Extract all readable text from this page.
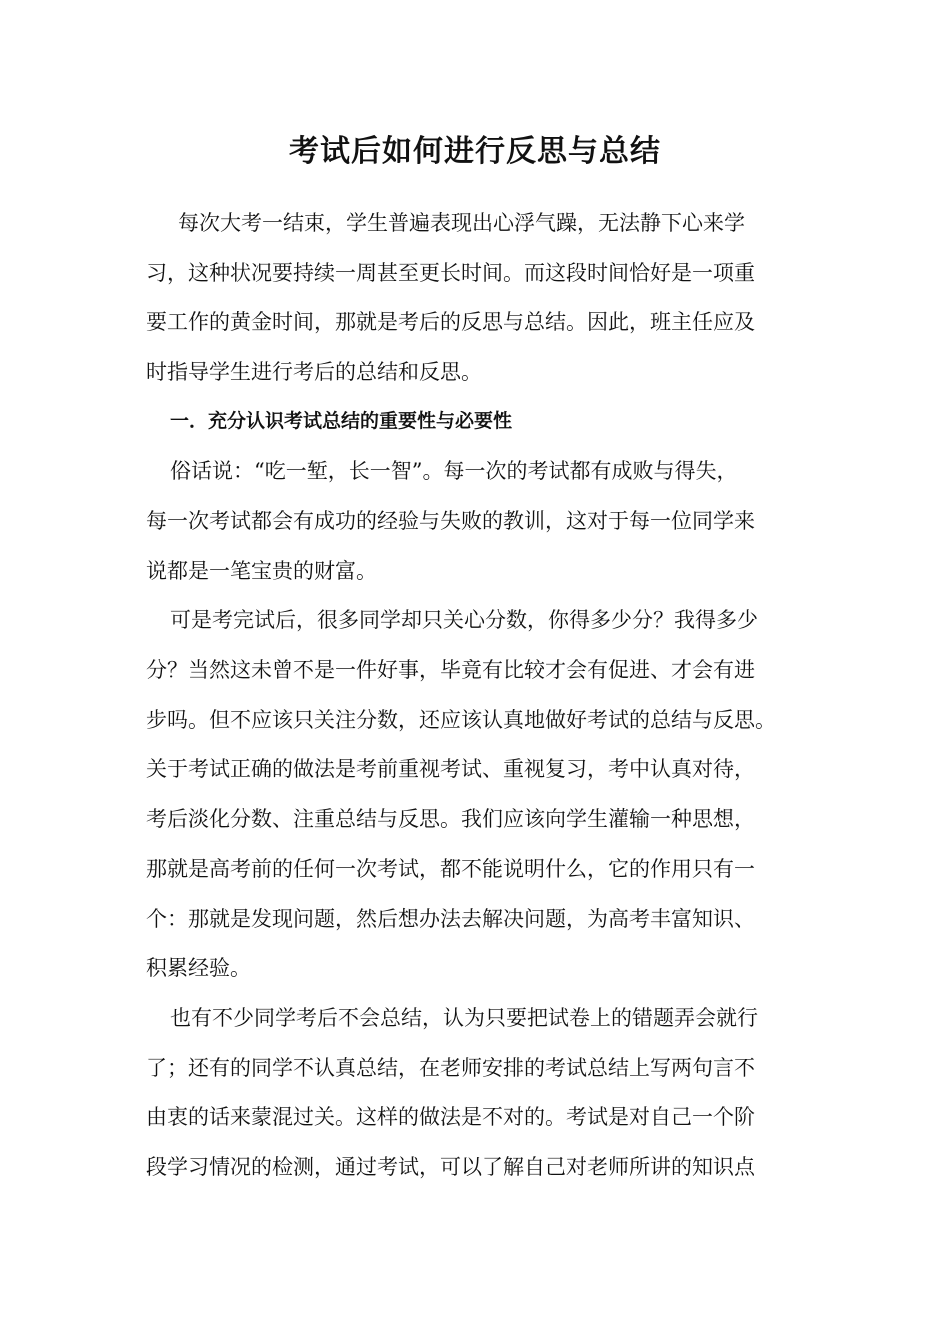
考试后如何进行反思与总结

每次大考一结束，学生普遍表现出心浮气躁，无法静下心来学

习，这种状况要持续一周甚至更长时间。而这段时间恰好是一项重

要工作的黄金时间，那就是考后的反思与总结。因此，班主任应及

时指导学生进行考后的总结和反思。

一．充分认识考试总结的重要性与必要性

俗话说：“吃一堑，长一智”。每一次的考试都有成败与得失，

每一次考试都会有成功的经验与失败的教训，这对于每一位同学来

说都是一笔宝贵的财富。

可是考完试后，很多同学却只关心分数，你得多少分？我得多少

分？当然这未曾不是一件好事，毕竟有比较才会有促进、才会有进

步吗。但不应该只关注分数，还应该认真地做好考试的总结与反思。

关于考试正确的做法是考前重视考试、重视复习，考中认真对待，

考后淡化分数、注重总结与反思。我们应该向学生灌输一种思想，

那就是高考前的任何一次考试，都不能说明什么，它的作用只有一

个：那就是发现问题，然后想办法去解决问题，为高考丰富知识、

积累经验。

也有不少同学考后不会总结，认为只要把试卷上的错题弄会就行

了；还有的同学不认真总结，在老师安排的考试总结上写两句言不

由衷的话来蒙混过关。这样的做法是不对的。考试是对自己一个阶

段学习情况的检测，通过考试，可以了解自己对老师所讲的知识点
